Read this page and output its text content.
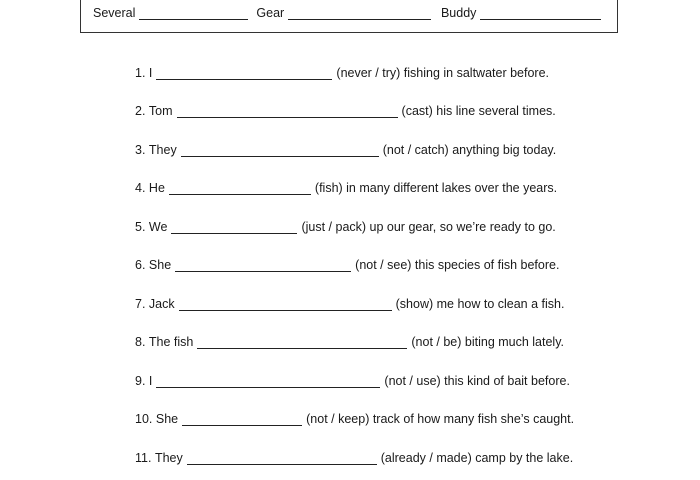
Several	Gear	Buddy
1.
I	(never / try) fishing in saltwater before.
2.
Tom	(cast) his line several times.
3.
They	(not / catch) anything big today.
4.
He	(fish) in many different lakes over the years.
5.
We	(just / pack) up our gear, so we’re ready to go.
6.
She	(not / see) this species of fish before.
7.
Jack	(show) me how to clean a fish.
8.
The fish	(not / be) biting much lately.
9.
I	(not / use) this kind of bait before.
10.
She	(not / keep) track of how many fish she’s caught.
11.
They	(already / made) camp by the lake.
